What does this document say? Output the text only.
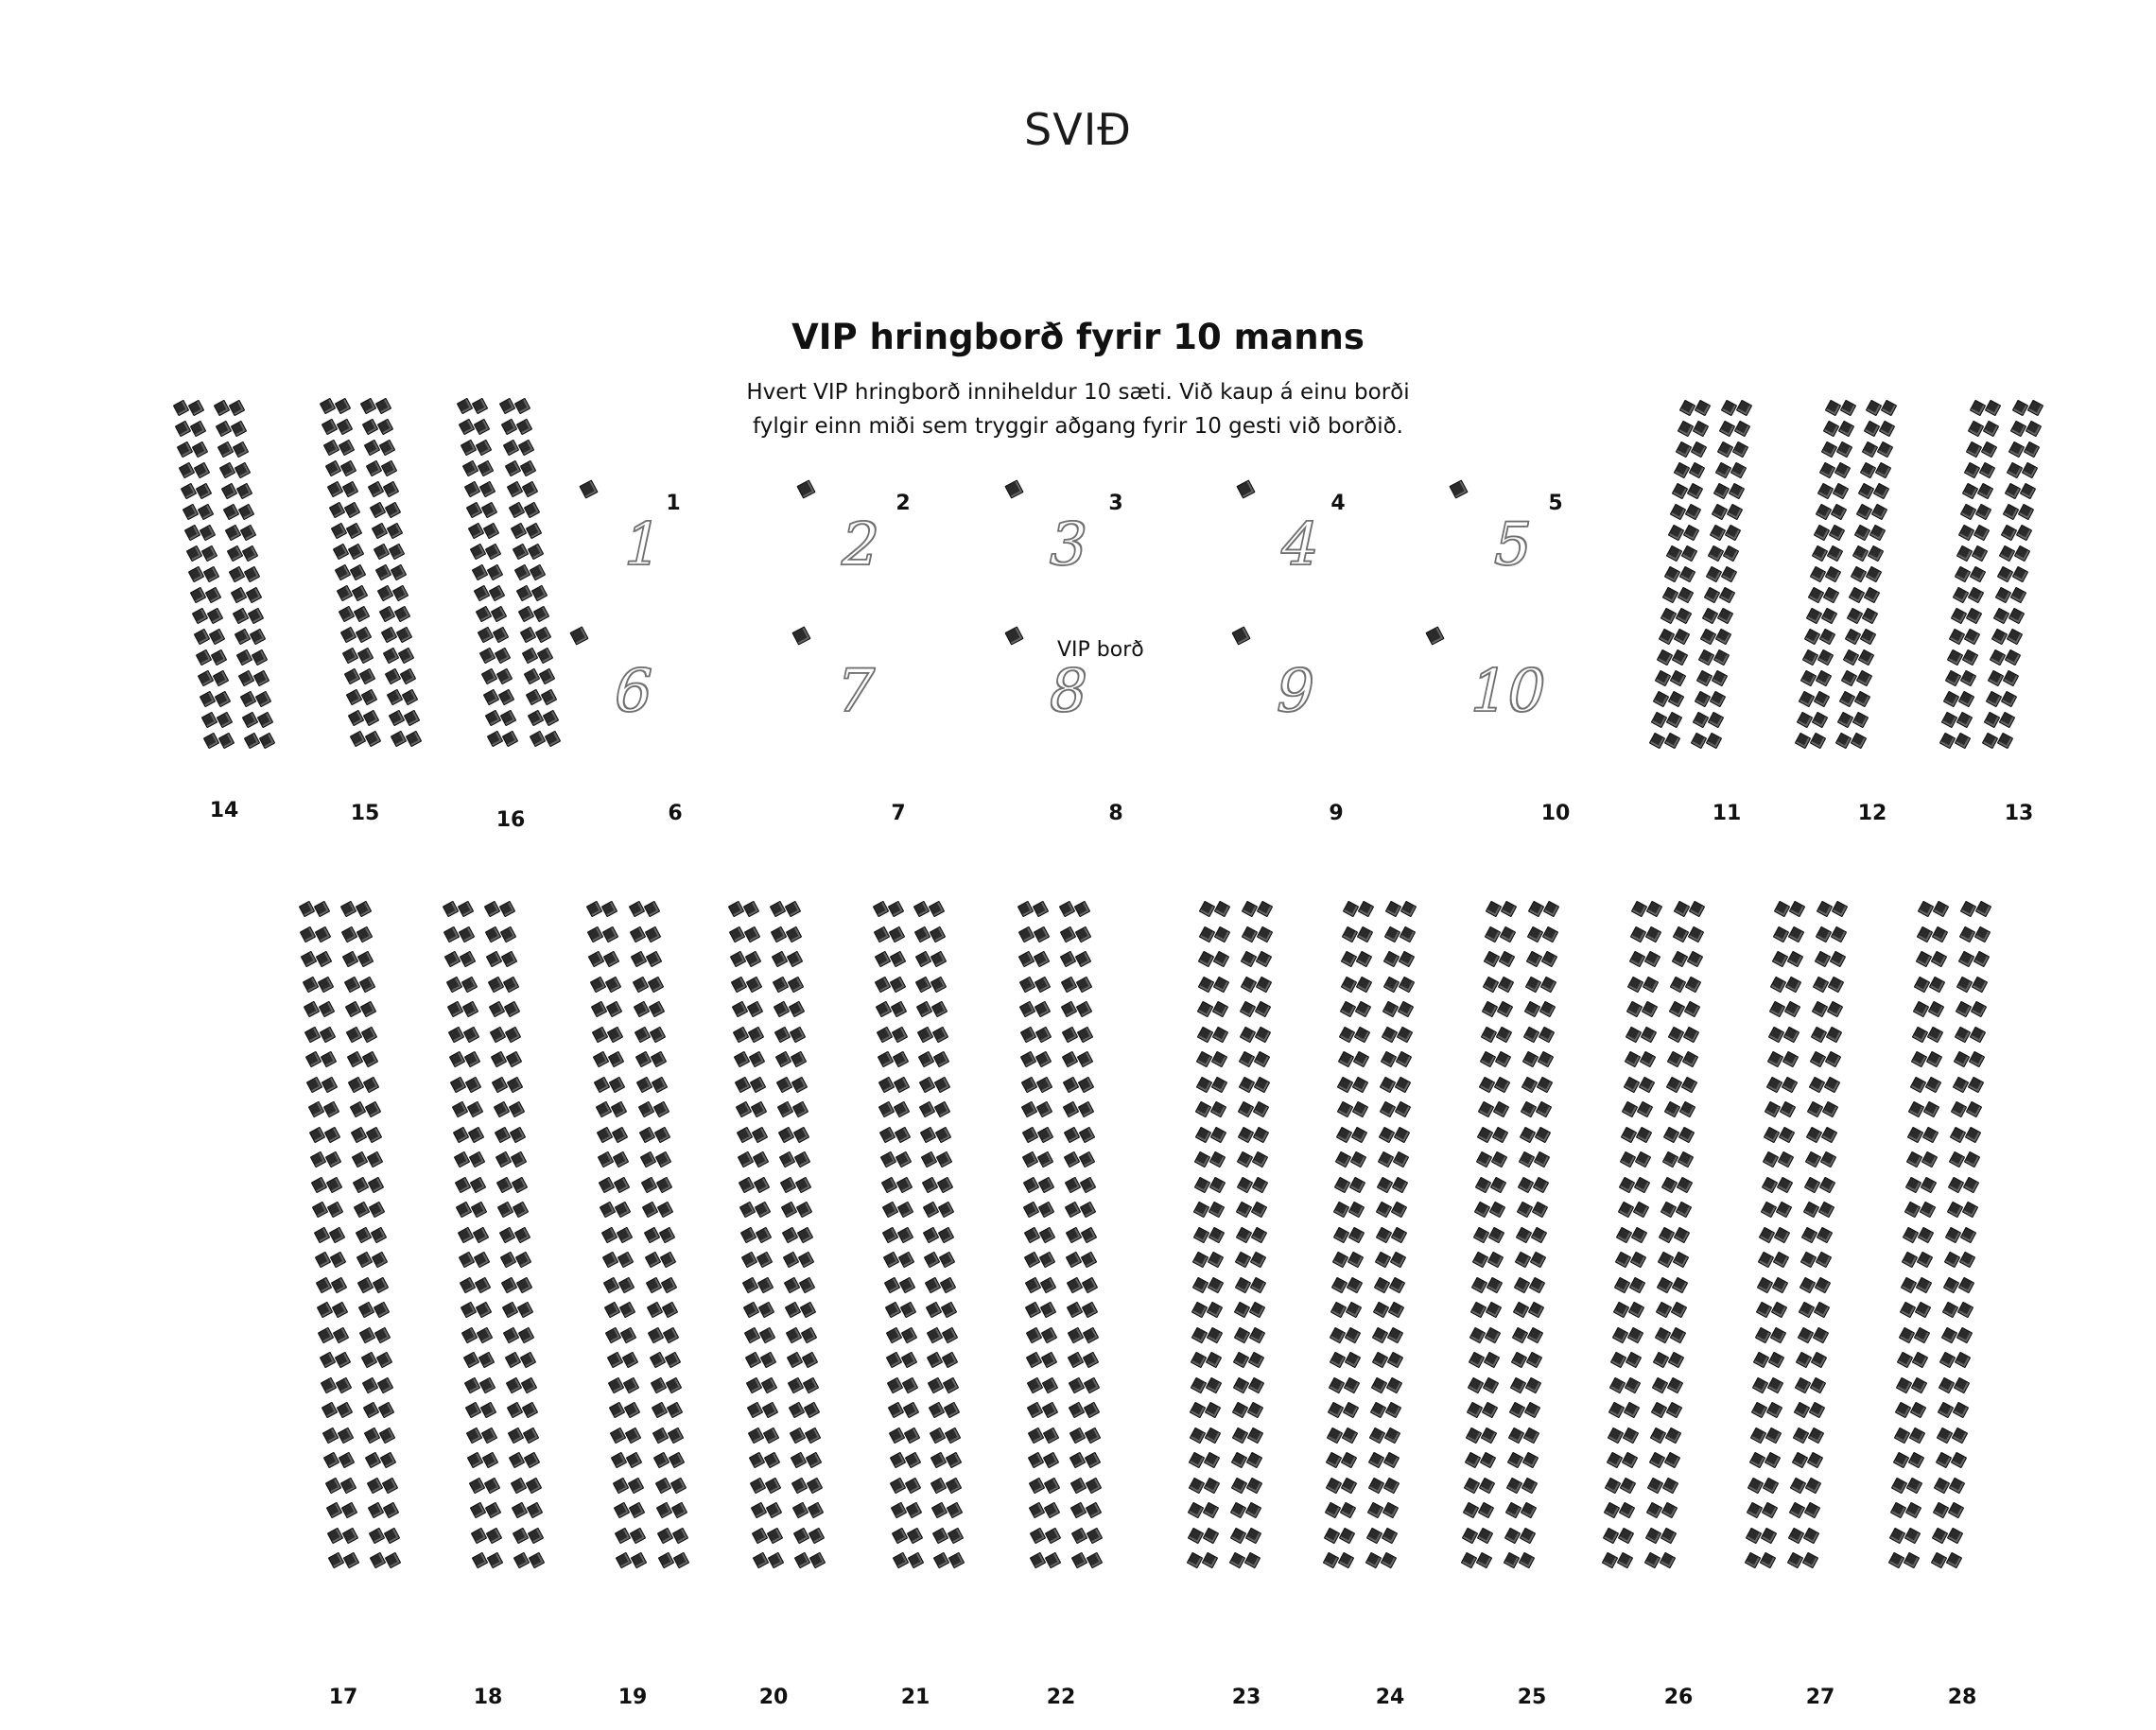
SVIÐ
VIP hringborð fyrir 10 manns
Hvert VIP hringborð inniheldur 10 sæti. Við kaup á einu borði
fylgir einn miði sem tryggir aðgang fyrir 10 gesti við borðið.
1
1
2
2
3
3
4
4
5
5
6	7	8	9 10
VIP borð
14	15	16	6	7	8	9	10	11	12	13
17	18	19	20	21	22	23	24	25	26	27	28
